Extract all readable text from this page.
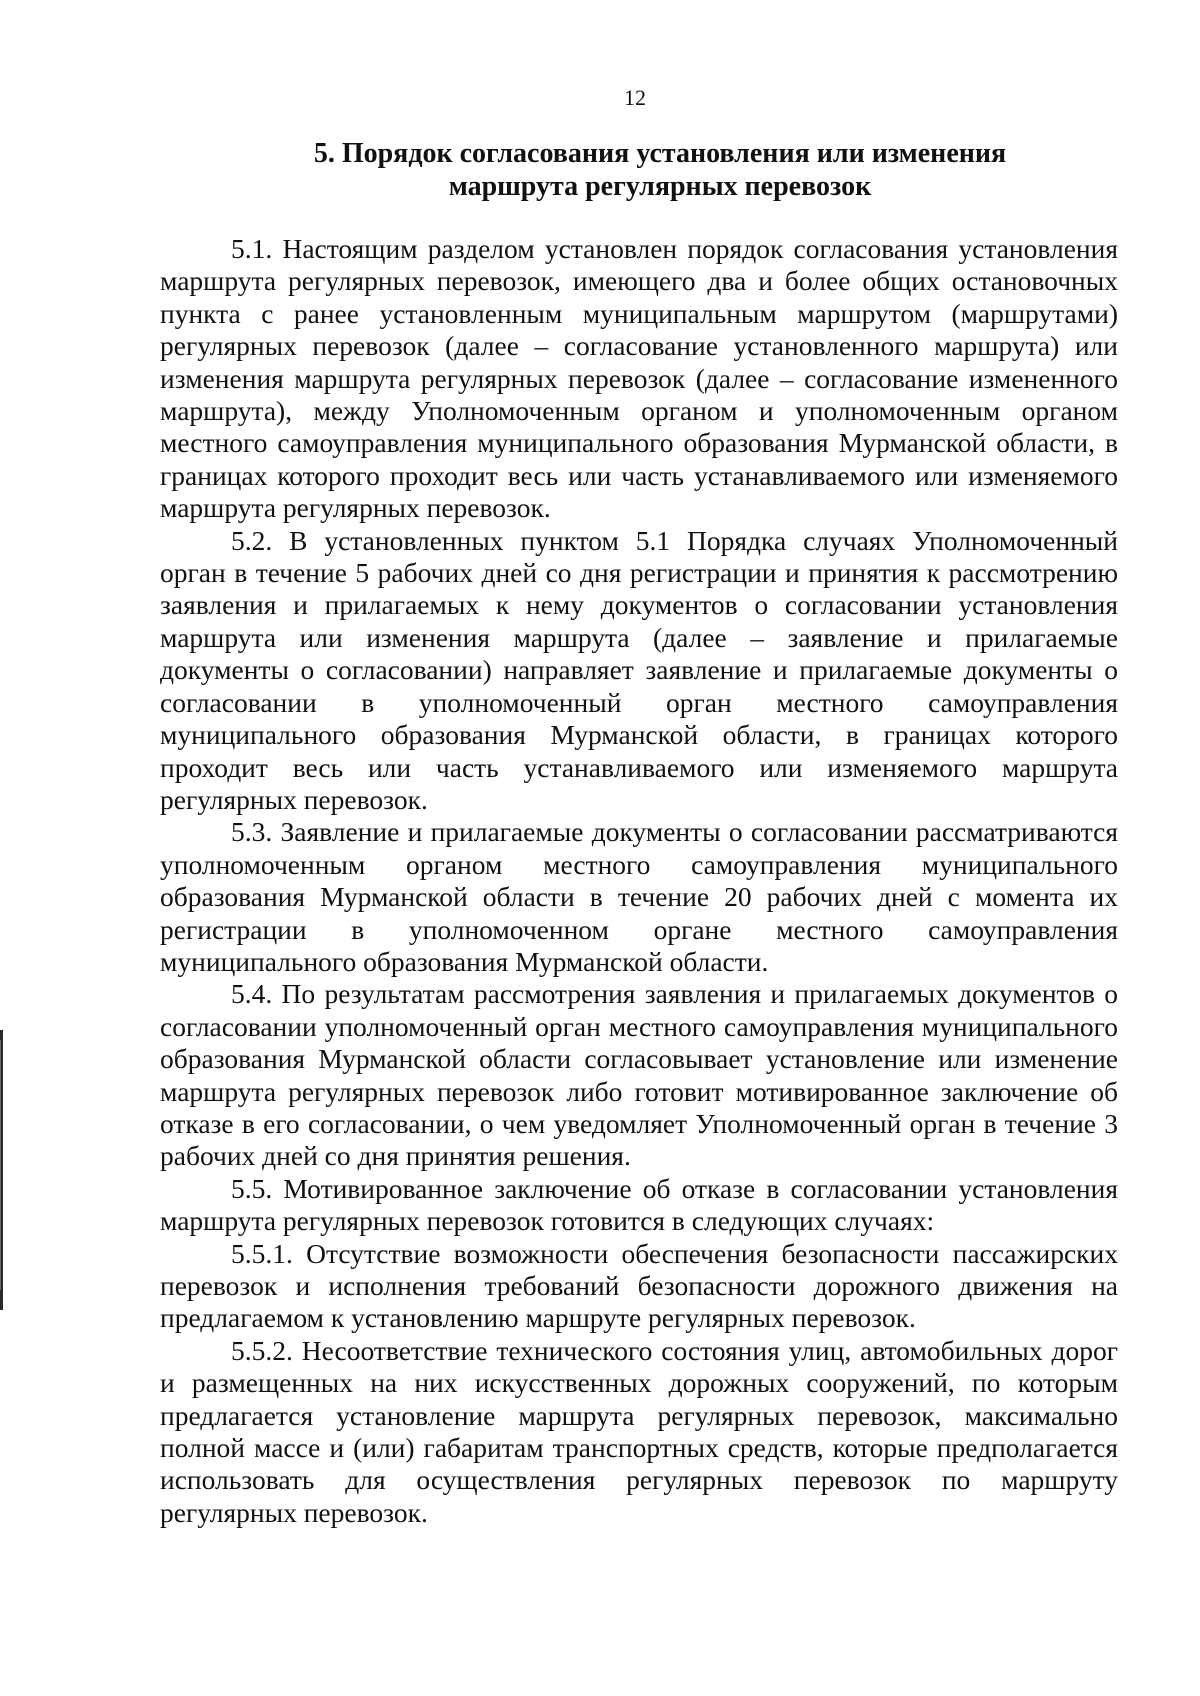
12
5. Порядок согласования установления или изменения
маршрута регулярных перевозок

5.1. Настоящим разделом установлен порядок согласования установления маршрута регулярных перевозок, имеющего два и более общих остановочных пункта с ранее установленным муниципальным маршрутом (маршрутами) регулярных перевозок (далее – согласование установленного маршрута) или изменения маршрута регулярных перевозок (далее – согласование измененного маршрута), между Уполномоченным органом и уполномоченным органом местного самоуправления муниципального образования Мурманской области, в границах которого проходит весь или часть устанавливаемого или изменяемого маршрута регулярных перевозок.

5.2. В установленных пунктом 5.1 Порядка случаях Уполномоченный орган в течение 5 рабочих дней со дня регистрации и принятия к рассмотрению заявления и прилагаемых к нему документов о согласовании установления маршрута или изменения маршрута (далее – заявление и прилагаемые документы о согласовании) направляет заявление и прилагаемые документы о согласовании в уполномоченный орган местного самоуправления муниципального образования Мурманской области, в границах которого проходит весь или часть устанавливаемого или изменяемого маршрута регулярных перевозок.

5.3. Заявление и прилагаемые документы о согласовании рассматриваются уполномоченным органом местного самоуправления муниципального образования Мурманской области в течение 20 рабочих дней с момента их регистрации в уполномоченном органе местного самоуправления муниципального образования Мурманской области.

5.4. По результатам рассмотрения заявления и прилагаемых документов о согласовании уполномоченный орган местного самоуправления муниципального образования Мурманской области согласовывает установление или изменение маршрута регулярных перевозок либо готовит мотивированное заключение об отказе в его согласовании, о чем уведомляет Уполномоченный орган в течение 3 рабочих дней со дня принятия решения.

5.5. Мотивированное заключение об отказе в согласовании установления маршрута регулярных перевозок готовится в следующих случаях:

5.5.1. Отсутствие возможности обеспечения безопасности пассажирских перевозок и исполнения требований безопасности дорожного движения на предлагаемом к установлению маршруте регулярных перевозок.

5.5.2. Несоответствие технического состояния улиц, автомобильных дорог и размещенных на них искусственных дорожных сооружений, по которым предлагается установление маршрута регулярных перевозок, максимально полной массе и (или) габаритам транспортных средств, которые предполагается использовать для осуществления регулярных перевозок по маршруту регулярных перевозок.
